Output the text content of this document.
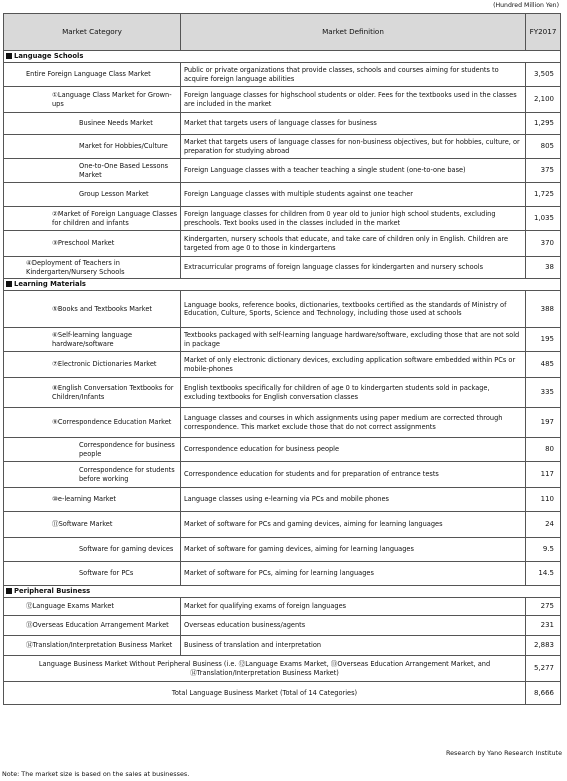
(Hundred Million Yen)
Market Category	Market Definition	FY2017
Language Schools		
Entire Foreign Language Class Market	Public or private organizations that provide classes, schools and courses aiming for students to acquire foreign language abilities	3,505
①Language Class Market for Grown-ups	Foreign language classes for highschool students or older. Fees for the textbooks used in the classes are included in the market	2,100
Businee Needs Market	Market that targets users of language classes for business	1,295
Market for Hobbies/Culture	Market that targets users of language classes for non-business objectives, but for hobbies, culture, or preparation for studying abroad	805
One-to-One Based Lessons Market	Foreign Language classes with a teacher teaching a single student (one-to-one base)	375
Group Lesson Market	Foreign Language classes with multiple students against one teacher	1,725
②Market of Foreign Language Classes for children and infants	Foreign language classes for children from 0 year old to junior high school students, excluding preschools. Text books used in the classes included in the market	1,035
③Preschool Market	Kindergarten, nursery schools that educate, and take care of children only in English. Children are targeted from age 0 to those in kindergartens	370
④Deployment of Teachers in Kindergarten/Nursery Schools	Extracurricular programs of foreign language classes for kindergarten and nursery schools	38
Learning Materials		
⑤Books and Textbooks Market	Language books, reference books, dictionaries, textbooks certified as the standards of Ministry of Education, Culture, Sports, Science and Technology, including those used at schools	388
⑥Self-learning language hardware/software	Textbooks packaged with self-learning language hardware/software, excluding those that are not sold in package	195
⑦Electronic Dictionaries Market	Market of only electronic dictionary devices, excluding application software embedded within PCs or mobile-phones	485
⑧English Conversation Textbooks for Children/Infants	English textbooks specifically for children of age 0 to kindergarten students sold in package, excluding textbooks for English conversation classes	335
⑨Correspondence Education Market	Language classes and courses in which assignments using paper medium are corrected through correspondence. This market exclude those that do not correct assignments	197
Correspondence for business people	Correspondence education for business people	80
Correspondence for students before working	Correspondence education for students and for preparation of entrance tests	117
⑩e-learning Market	Language classes using e-learning via PCs and mobile phones	110
⑪Software Market	Market of software for PCs and gaming devices, aiming for learning languages	24
Software for gaming devices	Market of software for gaming devices, aiming for learning languages	9.5
Software for PCs	Market of software for PCs, aiming for learning languages	14.5
Peripheral Business		
⑫Language Exams Market	Market for qualifying exams of foreign languages	275
⑬Overseas Education Arrangement Market	Overseas education business/agents	231
⑭Translation/Interpretation Business Market	Business of translation and interpretation	2,883
Language Business Market Without Peripheral Business (i.e. ⑫Language Exams Market, ⑬Overseas Education Arrangement Market, and ⑭Translation/Interpretation Business Market)		5,277
Total Language Business Market (Total of 14 Categories)		8,666
Research by Yano Research Institute
Note: The market size is based on the sales at businesses.
